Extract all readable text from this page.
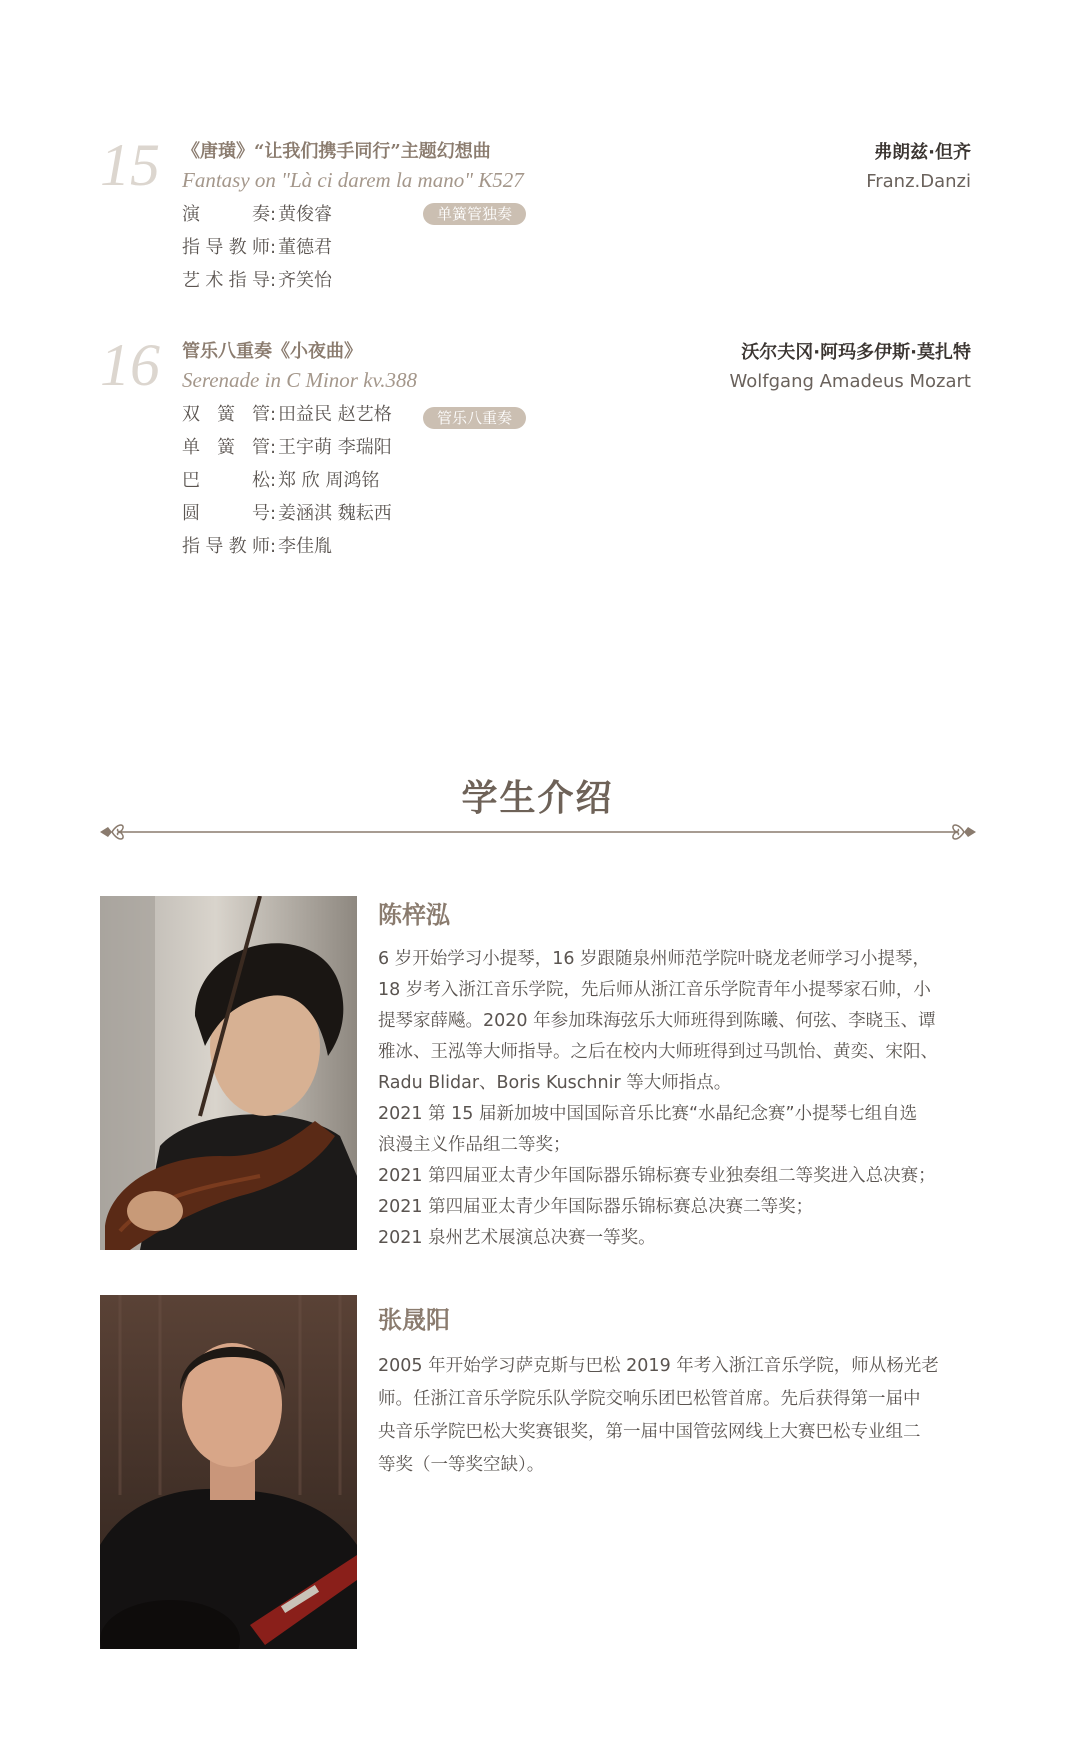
15 《唐璜》“让我们携手同行”主题幻想曲
Fantasy on "Là ci darem la mano" K527
单簧管独奏
弗朗兹·但齐
Franz.Danzi
演奏: 黄俊睿
指导教师: 董德君
艺术指导: 齐笑怡
16 管乐八重奏《小夜曲》
Serenade in C Minor kv.388
管乐八重奏
沃尔夫冈·阿玛多伊斯·莫扎特
Wolfgang Amadeus Mozart
双簧管: 田益民 赵艺格
单簧管: 王宇萌 李瑞阳
巴松: 郑 欣 周鸿铭
圆号: 姜涵淇 魏耘西
指导教师: 李佳胤
学生介绍
陈梓泓
6 岁开始学习小提琴，16 岁跟随泉州师范学院叶晓龙老师学习小提琴，
18 岁考入浙江音乐学院，先后师从浙江音乐学院青年小提琴家石帅，小
提琴家薛飚。2020 年参加珠海弦乐大师班得到陈曦、何弦、李晓玉、谭
雅冰、王泓等大师指导。之后在校内大师班得到过马凯怡、黄奕、宋阳、
Radu Blidar、Boris Kuschnir 等大师指点。
2021 第 15 届新加坡中国国际音乐比赛“水晶纪念赛”小提琴七组自选
浪漫主义作品组二等奖；
2021 第四届亚太青少年国际器乐锦标赛专业独奏组二等奖进入总决赛；
2021 第四届亚太青少年国际器乐锦标赛总决赛二等奖；
2021 泉州艺术展演总决赛一等奖。
张晟阳
2005 年开始学习萨克斯与巴松 2019 年考入浙江音乐学院，师从杨光老
师。任浙江音乐学院乐队学院交响乐团巴松管首席。先后获得第一届中
央音乐学院巴松大奖赛银奖，第一届中国管弦网线上大赛巴松专业组二
等奖（一等奖空缺）。
